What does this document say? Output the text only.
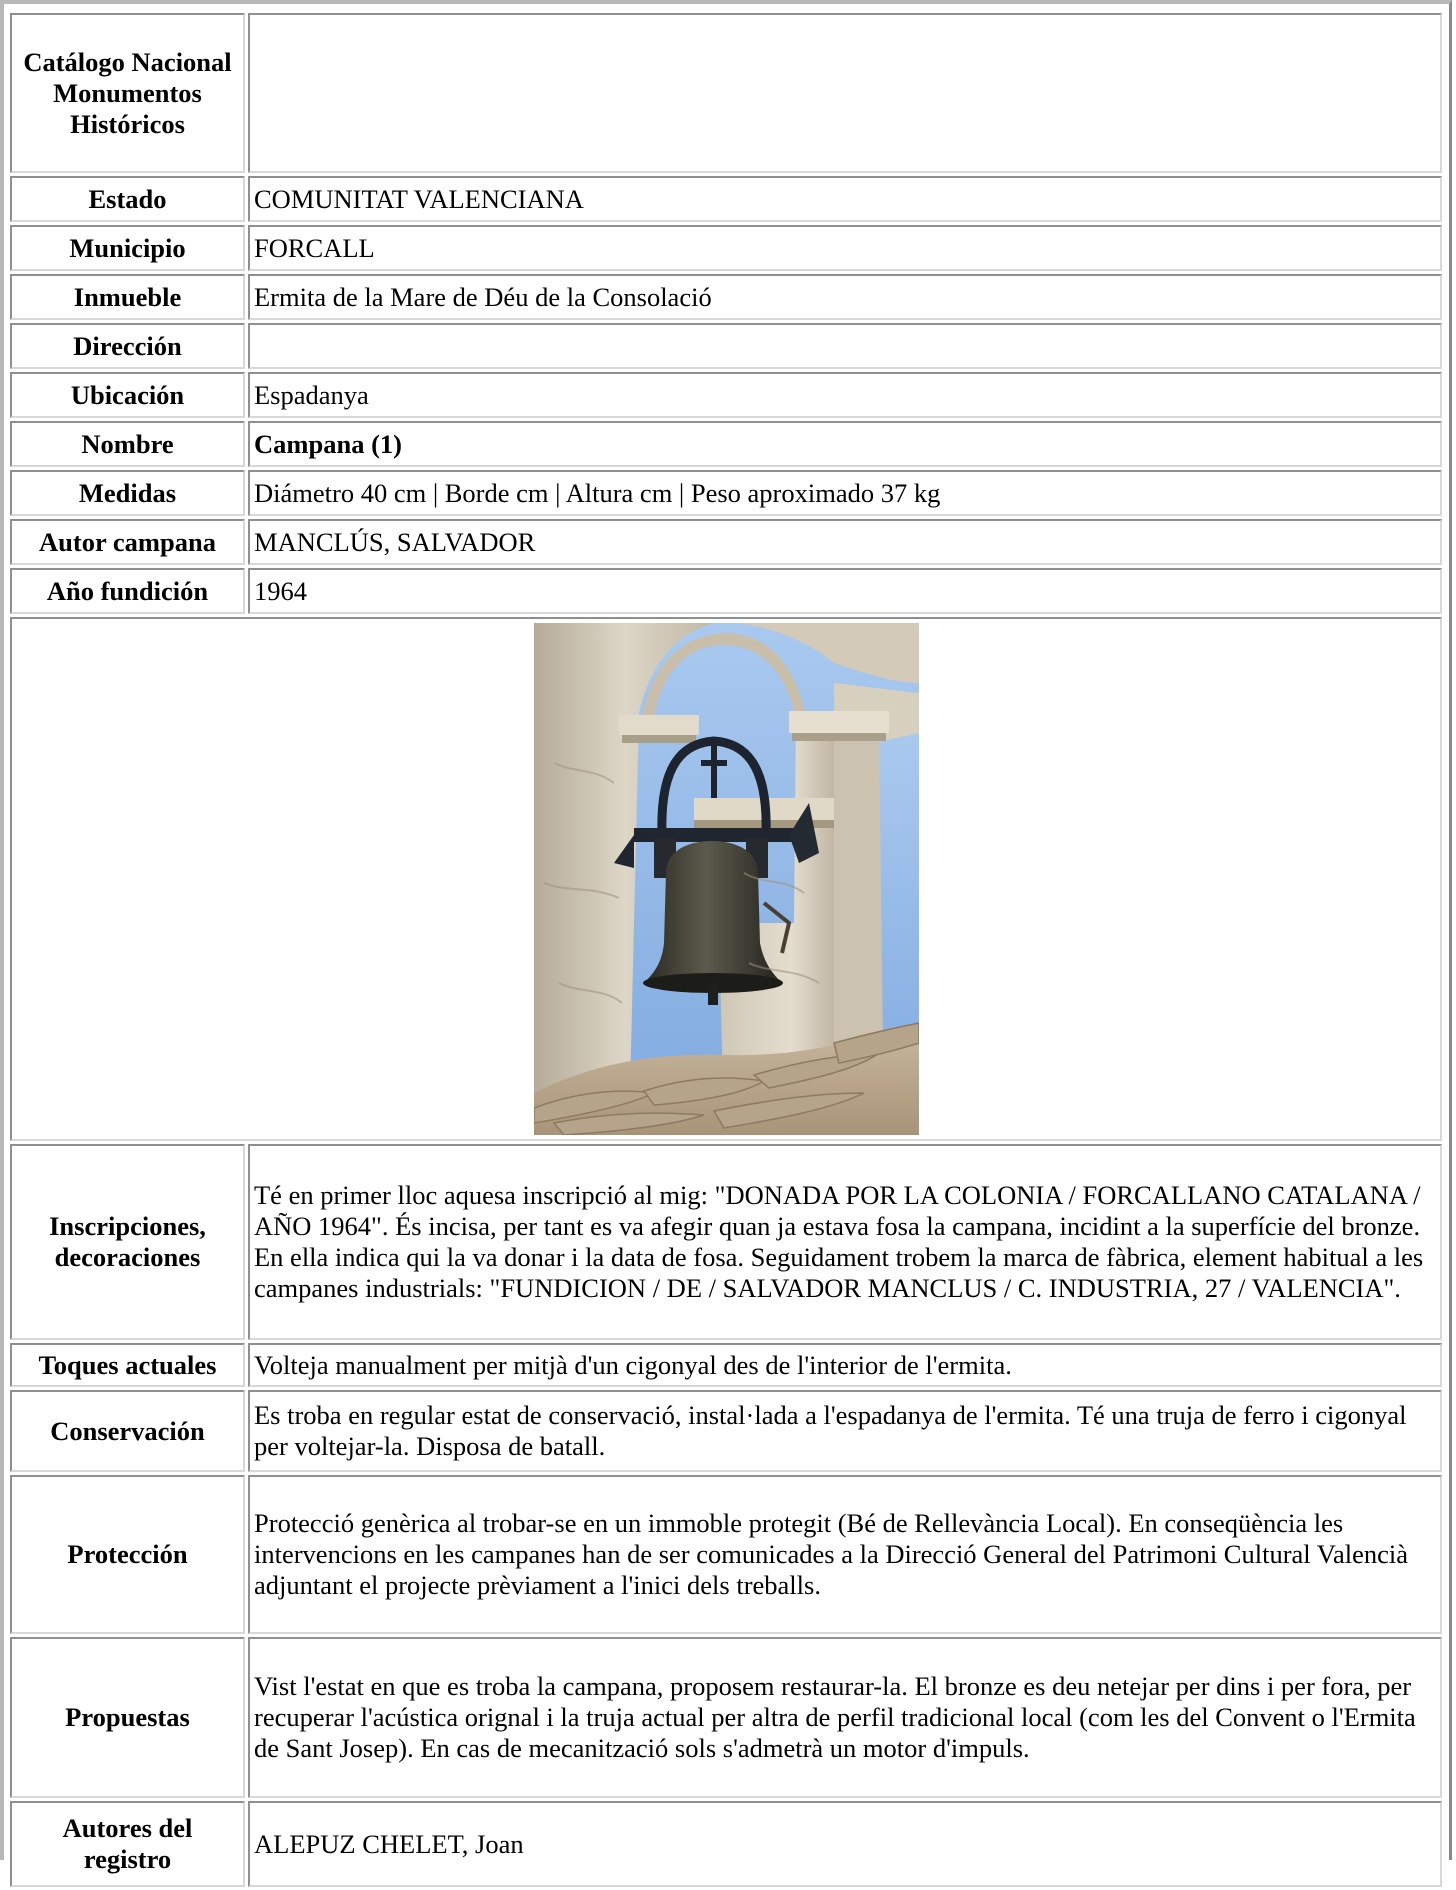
Catálogo Nacional Monumentos Históricos	
Estado	COMUNITAT VALENCIANA
Municipio	FORCALL
Inmueble	Ermita de la Mare de Déu de la Consolació
Dirección	
Ubicación	Espadanya
Nombre	Campana (1)
Medidas	Diámetro 40 cm | Borde cm | Altura cm | Peso aproximado 37 kg
Autor campana	MANCLÚS, SALVADOR
Año fundición	1964

Inscripciones, decoraciones	Té en primer lloc aquesa inscripció al mig: "DONADA POR LA COLONIA / FORCALLANO CATALANA / AÑO 1964". És incisa, per tant es va afegir quan ja estava fosa la campana, incidint a la superfície del bronze. En ella indica qui la va donar i la data de fosa. Seguidament trobem la marca de fàbrica, element habitual a les campanes industrials: "FUNDICION / DE / SALVADOR MANCLUS / C. INDUSTRIA, 27 / VALENCIA".
Toques actuales	Volteja manualment per mitjà d'un cigonyal des de l'interior de l'ermita.
Conservación	Es troba en regular estat de conservació, instal·lada a l'espadanya de l'ermita. Té una truja de ferro i cigonyal per voltejar-la. Disposa de batall.
Protección	Protecció genèrica al trobar-se en un immoble protegit (Bé de Rellevància Local). En conseqüència les intervencions en les campanes han de ser comunicades a la Direcció General del Patrimoni Cultural Valencià adjuntant el projecte prèviament a l'inici dels treballs.
Propuestas	Vist l'estat en que es troba la campana, proposem restaurar-la. El bronze es deu netejar per dins i per fora, per recuperar l'acústica orignal i la truja actual per altra de perfil tradicional local (com les del Convent o l'Ermita de Sant Josep). En cas de mecanització sols s'admetrà un motor d'impuls.
Autores del registro	ALEPUZ CHELET, Joan
